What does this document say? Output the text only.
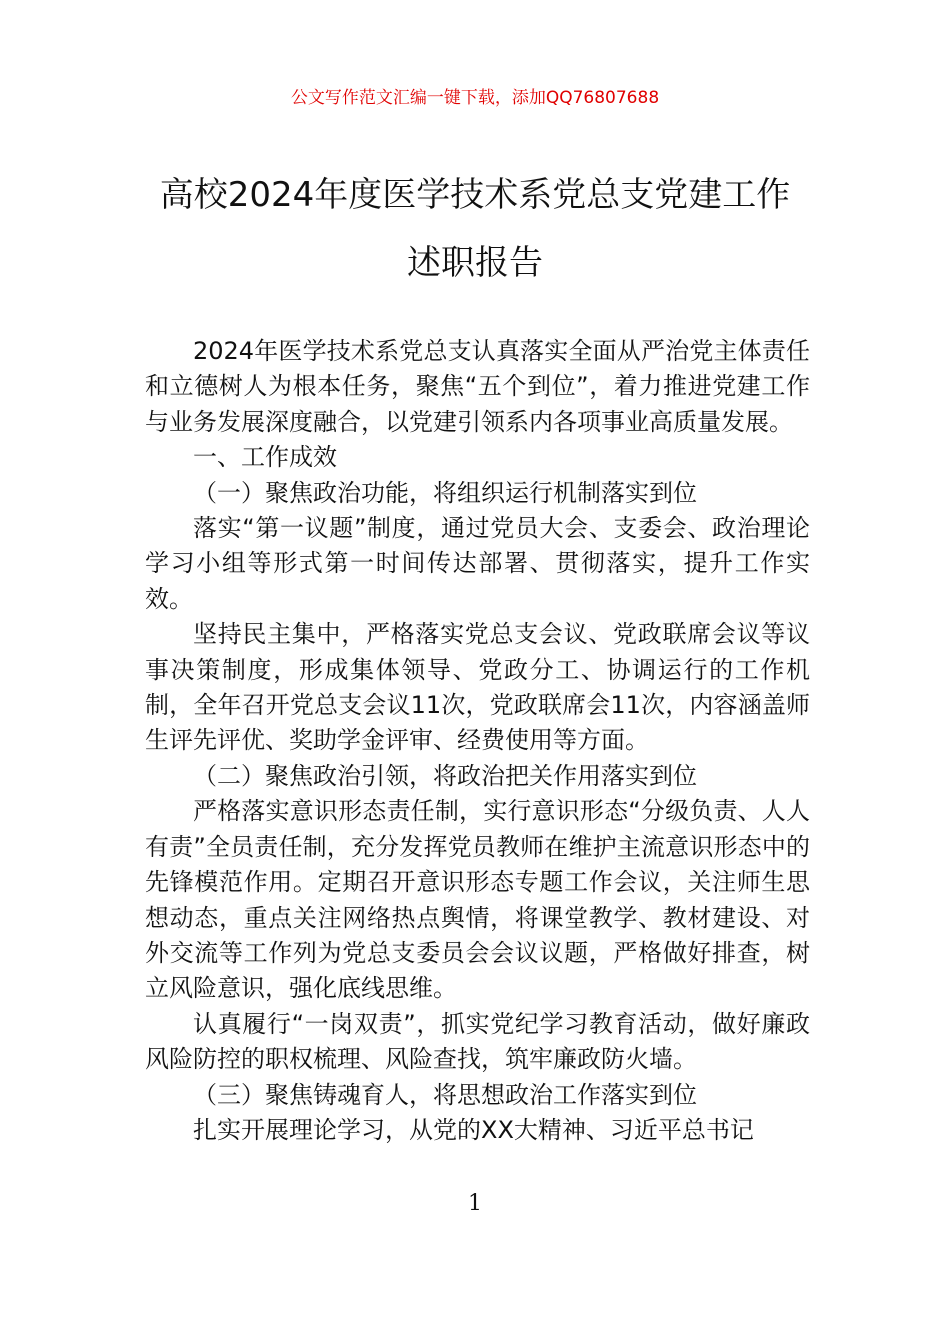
公文写作范文汇编一键下载，添加QQ76807688
高校2024年度医学技术系党总支党建工作
述职报告

2024年医学技术系党总支认真落实全面从严治党主体责任和立德树人为根本任务，聚焦“五个到位”，着力推进党建工作与业务发展深度融合，以党建引领系内各项事业高质量发展。

一、工作成效

（一）聚焦政治功能，将组织运行机制落实到位

落实“第一议题”制度，通过党员大会、支委会、政治理论学习小组等形式第一时间传达部署、贯彻落实，提升工作实效。

坚持民主集中，严格落实党总支会议、党政联席会议等议事决策制度，形成集体领导、党政分工、协调运行的工作机制，全年召开党总支会议11次，党政联席会11次，内容涵盖师生评先评优、奖助学金评审、经费使用等方面。

（二）聚焦政治引领，将政治把关作用落实到位

严格落实意识形态责任制，实行意识形态“分级负责、人人有责”全员责任制，充分发挥党员教师在维护主流意识形态中的先锋模范作用。定期召开意识形态专题工作会议，关注师生思想动态，重点关注网络热点舆情，将课堂教学、教材建设、对外交流等工作列为党总支委员会会议议题，严格做好排查，树立风险意识，强化底线思维。

认真履行“一岗双责”，抓实党纪学习教育活动，做好廉政风险防控的职权梳理、风险查找，筑牢廉政防火墙。

（三）聚焦铸魂育人，将思想政治工作落实到位

扎实开展理论学习，从党的XX大精神、习近平总书记

1
